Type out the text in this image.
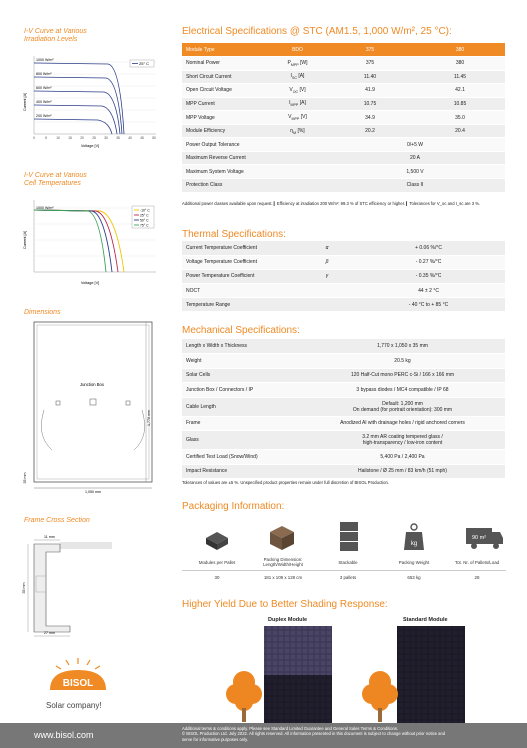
I-V Curve at Various
Irradiation Levels
25° C
1000 W/m²
800 W/m²
600 W/m²
400 W/m²
200 W/m²
0	5	10	15	20	25	30	35	40	45	50
Voltage [V]
Current [A]
I-V Curve at Various
Cell Temperatures
1000 W/m²
-10° C
25° C
50° C
75° C
Voltage [V]
Current [A]
Dimensions
Junction Box
1,050 mm
1,770 mm
35 mm
Frame Cross Section
11 mm
35 mm
27 mm
BISOL
Solar company!
Electrical Specifications @ STC (AM1.5, 1,000 W/m², 25 °C):
Module Type	BDO	375	380
Nominal Power	$P_{MPP}$ [W]	375	380
Short Circuit Current	$I_{SC}$ [A]	11.40	11.45
Open Circuit Voltage	$V_{OC}$ [V]	41.9	42.1
MPP Current	$I_{MPP}$ [A]	10.75	10.85
MPP Voltage	$V_{MPP}$ [V]	34.9	35.0
Module Efficiency	$\eta_M$ [%]	20.2	20.4
Power Output Tolerance		0/+5 W	
Maximum Reverse Current		20 A	
Maximum System Voltage		1,500 V	
Protection Class		Class II	
Additional power classes available upon request. ▎Efficiency at irradiation 200 W/m²: 99.3 % of STC efficiency or higher. ▎Tolerances for V_oc and I_sc are 3 %.
Thermal Specifications:
Current Temperature Coefficient	α	+ 0.06 %/°C
Voltage Temperature Coefficient	β	- 0.27 %/°C
Power Temperature Coefficient	γ	- 0.35 %/°C
NOCT		44 ± 2 °C
Temperature Range		- 40 °C to + 85 °C
Mechanical Specifications:
Length x Width x Thickness	1,770 x 1,050 x 35 mm
Weight	20.5 kg
Solar Cells	120 Half-Cut mono PERC c-Si / 166 x 166 mm
Junction Box / Connectors / IP	3 bypass diodes / MC4 compatible / IP 68
Cable Length	Default: 1,200 mm
On demand (for portrait orientation): 300 mm
Frame	Anodized Al with drainage holes / rigid anchored corners
Glass	3.2 mm AR coating tempered glass /
high-transparency / low-iron content
Certified Test Load (Snow/Wind)	5,400 Pa / 2,400 Pa
Impact Resistance	Hailstone / Ø 25 mm / 83 km/h (51 mph)
Tolerances of values are ±5 %. Unspecified product properties remain under full discretion of BISOL Production.
Packaging Information:
kg
90 m²
Modules per Pallet
Packing Dimension:
Length/Width/Height	Stackable	Packing Weight	Tot. Nr. of Pallets/Load
30	181 x 109 x 128 cm	3 pallets	653 kg	28
Higher Yield Due to Better Shading Response:
Duplex Module	Standard Module
www.bisol.com
Additional terms & conditions apply. Please see Standard Limited Guarantee and General Sales Terms & Conditions.
© BISOL Production Ltd. July 2022. All rights reserved. All information presented in this document is subject to change without prior notice and
serve for informative purposes only.
